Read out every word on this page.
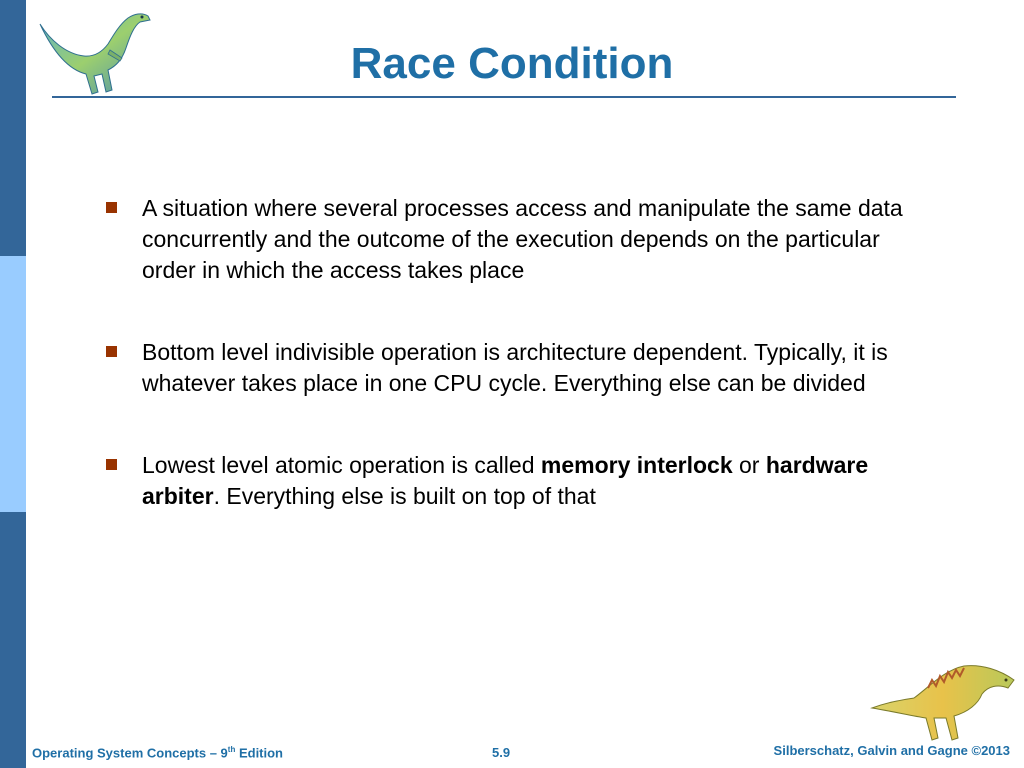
Race Condition
A situation where several processes access and manipulate the same data concurrently and the outcome of the execution depends on the particular order in which the access takes place
Bottom level indivisible operation is architecture dependent. Typically, it is whatever takes place in one CPU cycle. Everything else can be divided
Lowest level atomic operation is called memory interlock or hardware arbiter. Everything else is built on top of that
Operating System Concepts – 9th Edition	5.9	Silberschatz, Galvin and Gagne ©2013
